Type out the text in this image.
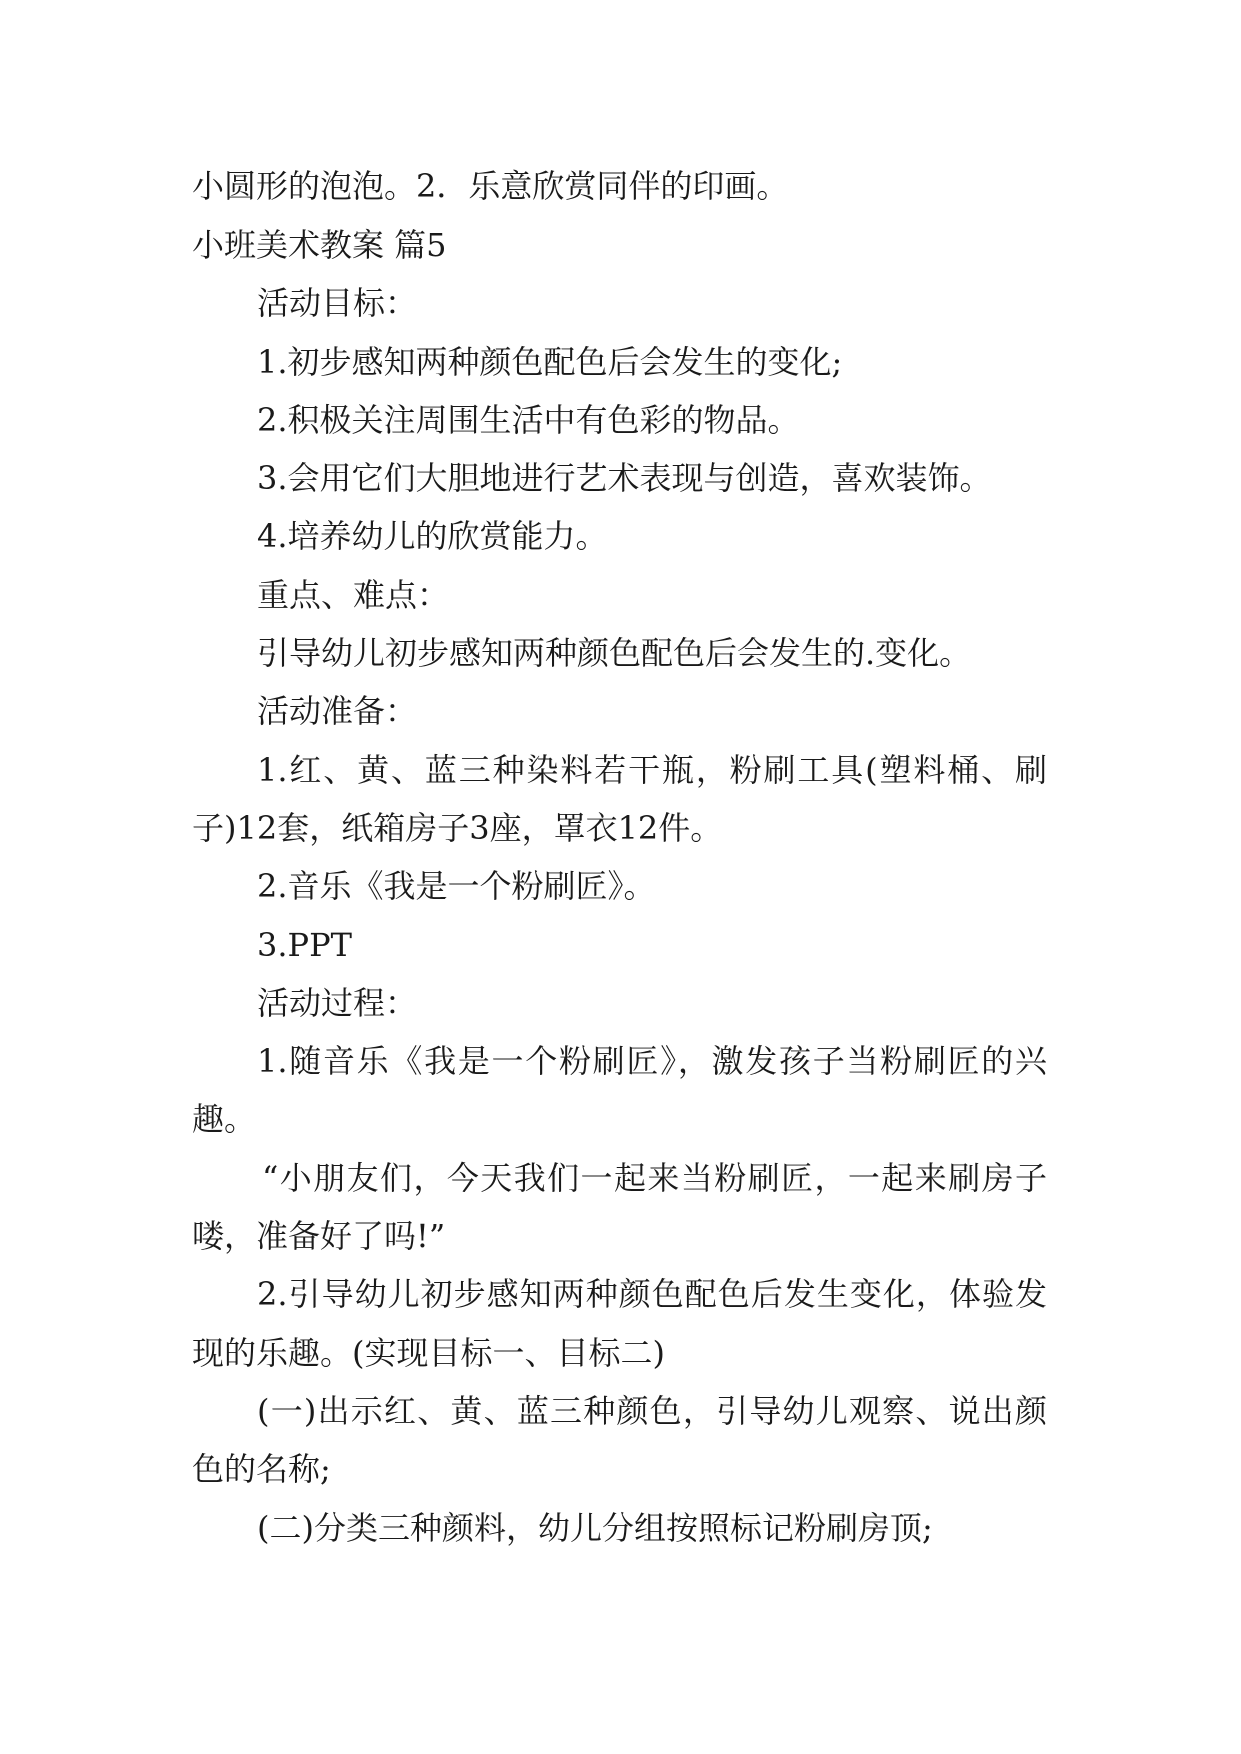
小圆形的泡泡。2．乐意欣赏同伴的印画。
小班美术教案 篇5
活动目标：
1.初步感知两种颜色配色后会发生的变化;
2.积极关注周围生活中有色彩的物品。
3.会用它们大胆地进行艺术表现与创造，喜欢装饰。
4.培养幼儿的欣赏能力。
重点、难点：
引导幼儿初步感知两种颜色配色后会发生的.变化。
活动准备：
1.红、黄、蓝三种染料若干瓶，粉刷工具(塑料桶、刷
子)12套，纸箱房子3座，罩衣12件。
2.音乐《我是一个粉刷匠》。
3.PPT
活动过程：
1.随音乐《我是一个粉刷匠》，激发孩子当粉刷匠的兴
趣。
“小朋友们，今天我们一起来当粉刷匠，一起来刷房子
喽，准备好了吗!”
2.引导幼儿初步感知两种颜色配色后发生变化，体验发
现的乐趣。(实现目标一、目标二)
(一)出示红、黄、蓝三种颜色，引导幼儿观察、说出颜
色的名称;
(二)分类三种颜料，幼儿分组按照标记粉刷房顶;
